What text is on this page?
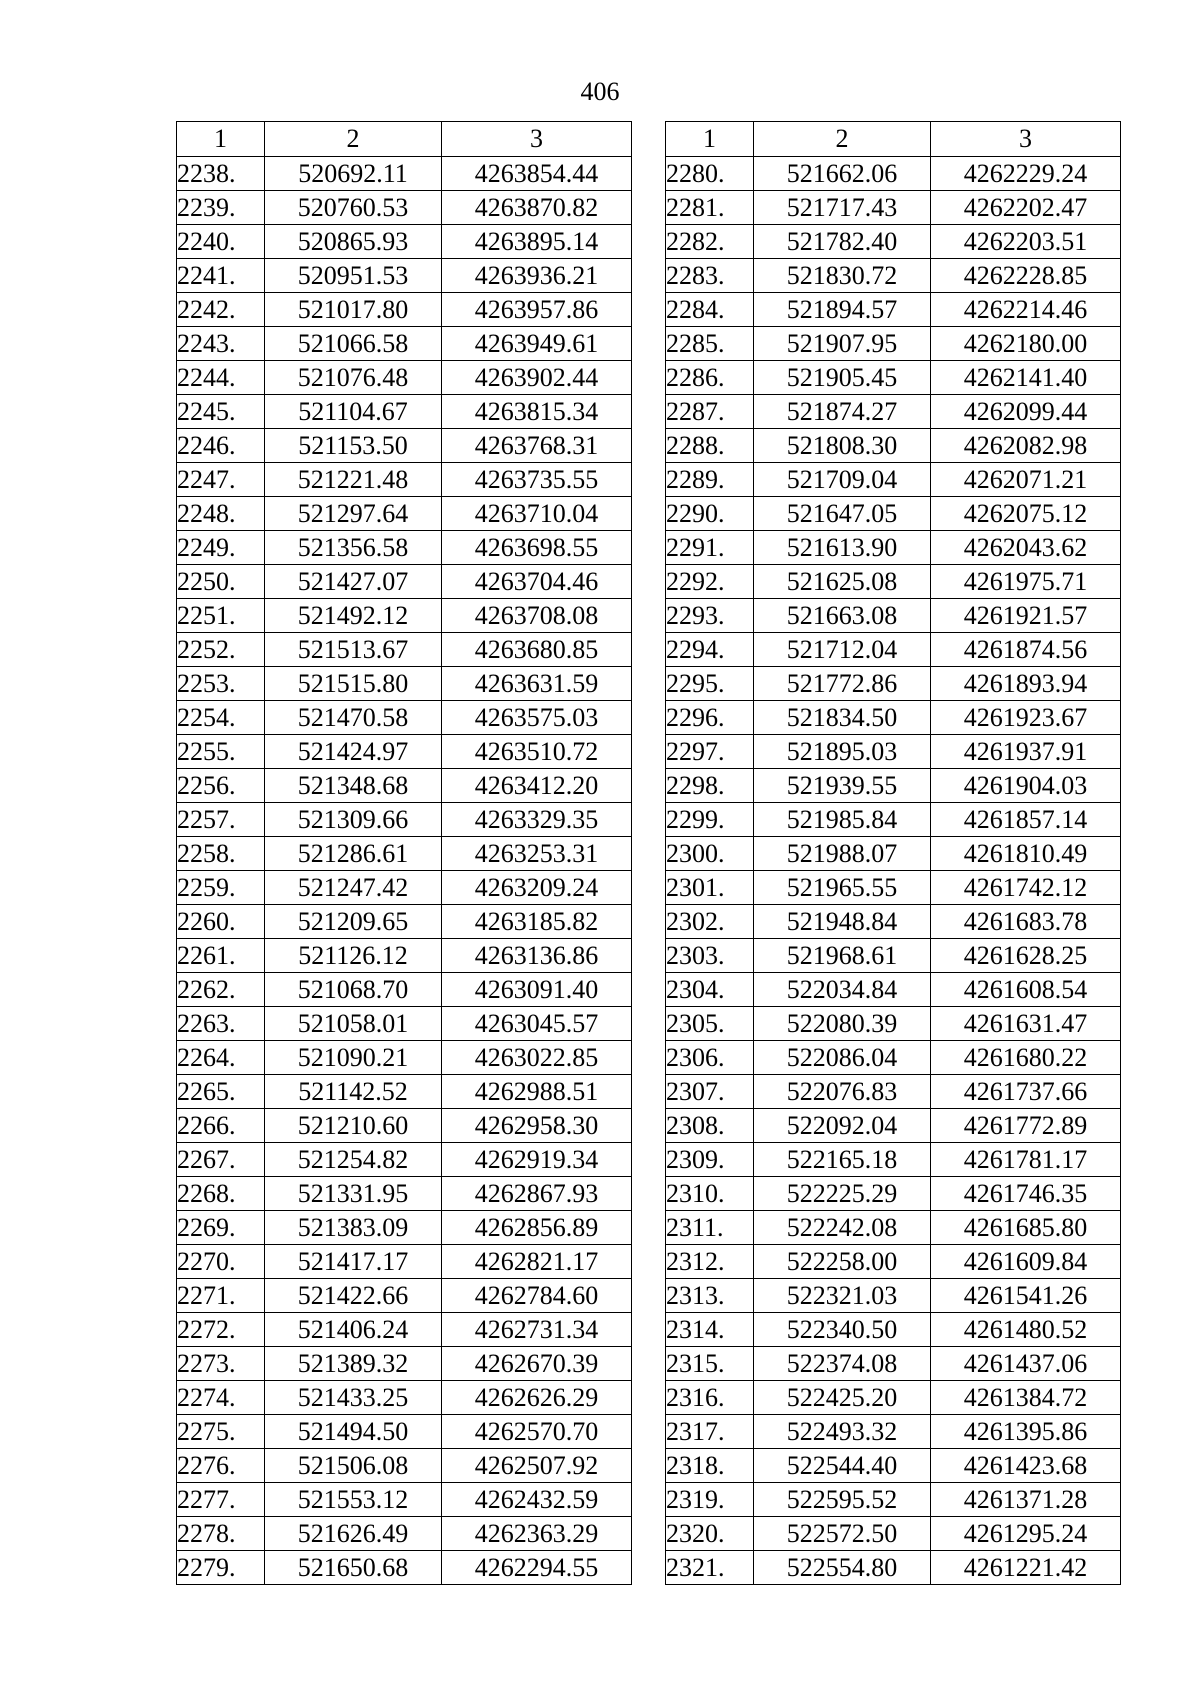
406
1	2	3
2238.	520692.11	4263854.44
2239.	520760.53	4263870.82
2240.	520865.93	4263895.14
2241.	520951.53	4263936.21
2242.	521017.80	4263957.86
2243.	521066.58	4263949.61
2244.	521076.48	4263902.44
2245.	521104.67	4263815.34
2246.	521153.50	4263768.31
2247.	521221.48	4263735.55
2248.	521297.64	4263710.04
2249.	521356.58	4263698.55
2250.	521427.07	4263704.46
2251.	521492.12	4263708.08
2252.	521513.67	4263680.85
2253.	521515.80	4263631.59
2254.	521470.58	4263575.03
2255.	521424.97	4263510.72
2256.	521348.68	4263412.20
2257.	521309.66	4263329.35
2258.	521286.61	4263253.31
2259.	521247.42	4263209.24
2260.	521209.65	4263185.82
2261.	521126.12	4263136.86
2262.	521068.70	4263091.40
2263.	521058.01	4263045.57
2264.	521090.21	4263022.85
2265.	521142.52	4262988.51
2266.	521210.60	4262958.30
2267.	521254.82	4262919.34
2268.	521331.95	4262867.93
2269.	521383.09	4262856.89
2270.	521417.17	4262821.17
2271.	521422.66	4262784.60
2272.	521406.24	4262731.34
2273.	521389.32	4262670.39
2274.	521433.25	4262626.29
2275.	521494.50	4262570.70
2276.	521506.08	4262507.92
2277.	521553.12	4262432.59
2278.	521626.49	4262363.29
2279.	521650.68	4262294.55
1	2	3
2280.	521662.06	4262229.24
2281.	521717.43	4262202.47
2282.	521782.40	4262203.51
2283.	521830.72	4262228.85
2284.	521894.57	4262214.46
2285.	521907.95	4262180.00
2286.	521905.45	4262141.40
2287.	521874.27	4262099.44
2288.	521808.30	4262082.98
2289.	521709.04	4262071.21
2290.	521647.05	4262075.12
2291.	521613.90	4262043.62
2292.	521625.08	4261975.71
2293.	521663.08	4261921.57
2294.	521712.04	4261874.56
2295.	521772.86	4261893.94
2296.	521834.50	4261923.67
2297.	521895.03	4261937.91
2298.	521939.55	4261904.03
2299.	521985.84	4261857.14
2300.	521988.07	4261810.49
2301.	521965.55	4261742.12
2302.	521948.84	4261683.78
2303.	521968.61	4261628.25
2304.	522034.84	4261608.54
2305.	522080.39	4261631.47
2306.	522086.04	4261680.22
2307.	522076.83	4261737.66
2308.	522092.04	4261772.89
2309.	522165.18	4261781.17
2310.	522225.29	4261746.35
2311.	522242.08	4261685.80
2312.	522258.00	4261609.84
2313.	522321.03	4261541.26
2314.	522340.50	4261480.52
2315.	522374.08	4261437.06
2316.	522425.20	4261384.72
2317.	522493.32	4261395.86
2318.	522544.40	4261423.68
2319.	522595.52	4261371.28
2320.	522572.50	4261295.24
2321.	522554.80	4261221.42
